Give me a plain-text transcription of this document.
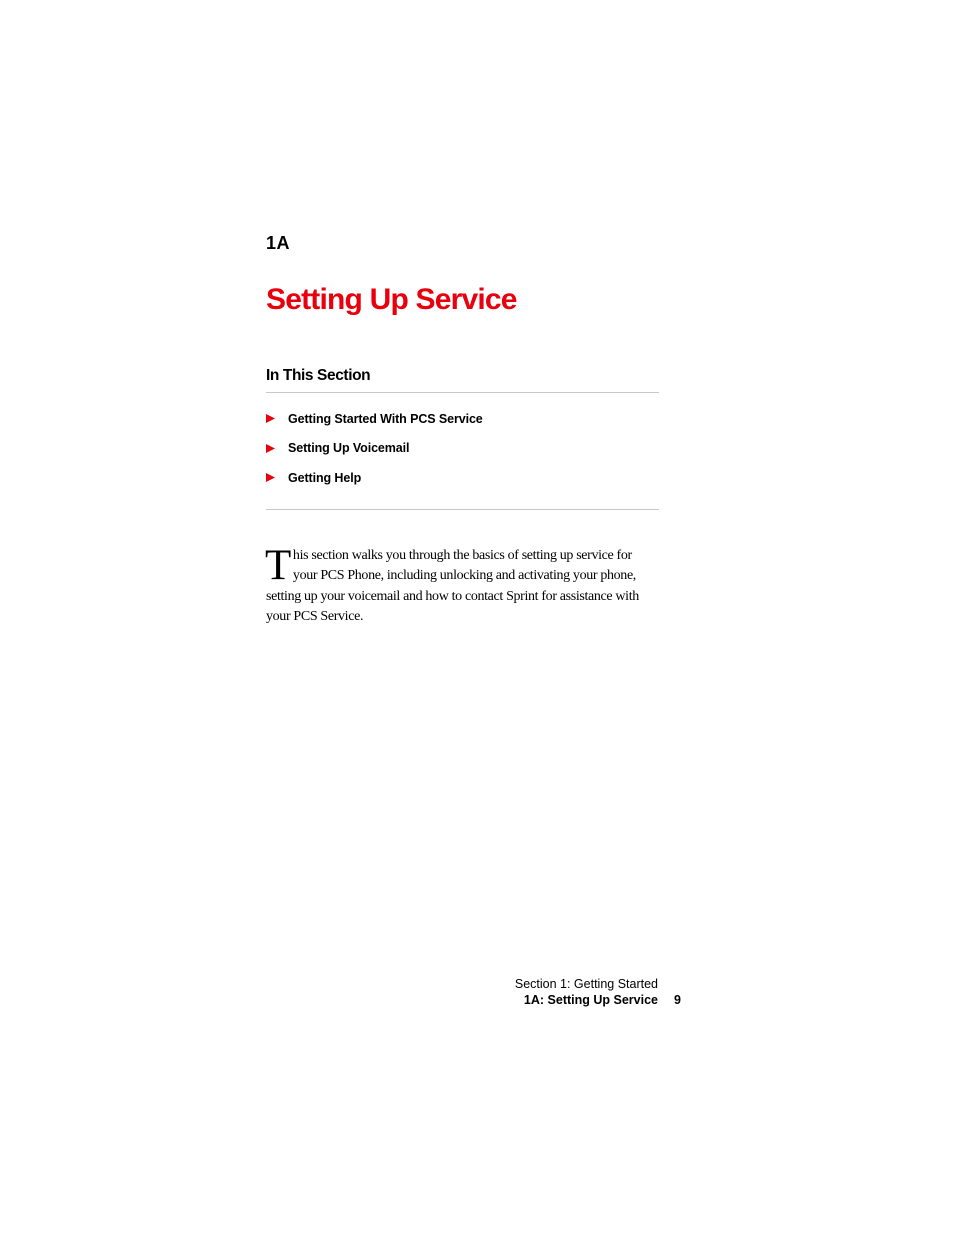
1A
Setting Up Service
In This Section
Getting Started With PCS Service
Setting Up Voicemail
Getting Help

This section walks you through the basics of setting up service for your PCS Phone, including unlocking and activating your phone, setting up your voicemail and how to contact Sprint for assistance with your PCS Service.

Section 1: Getting Started
1A: Setting Up Service 9
